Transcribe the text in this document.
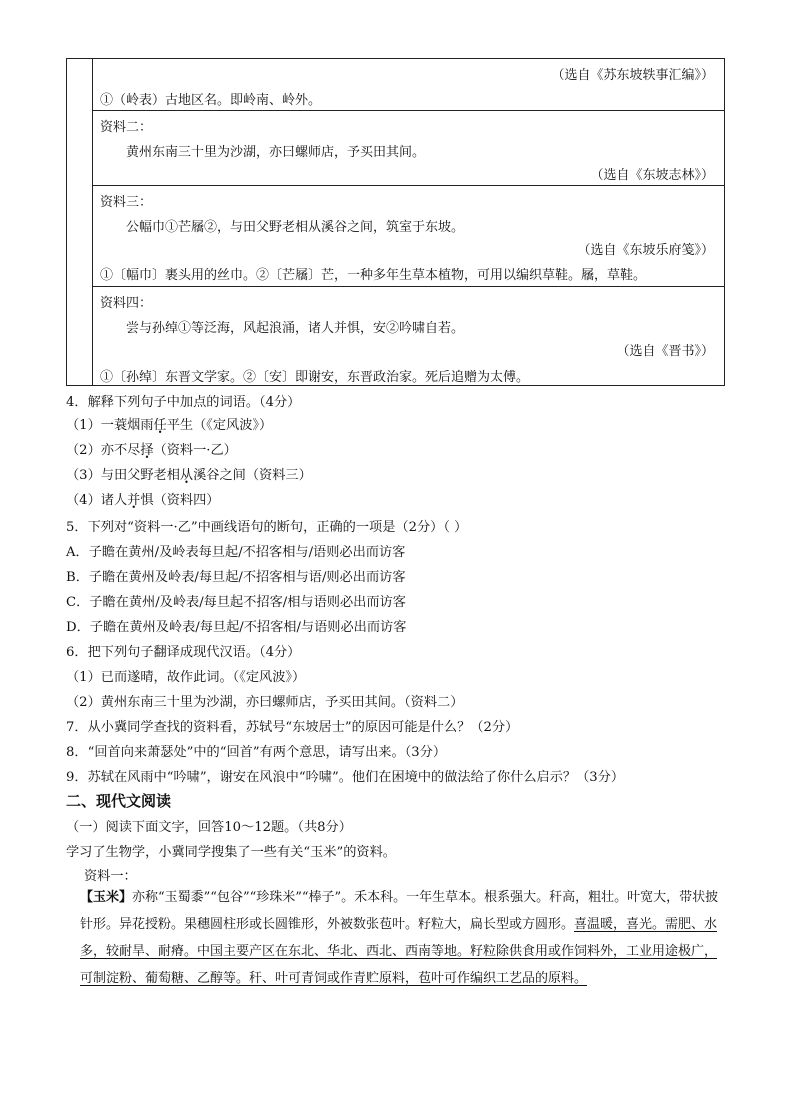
（选自《苏东坡轶事汇编》）
①（岭表）古地区名。即岭南、岭外。
资料二：
黄州东南三十里为沙湖，亦曰螺师店，予买田其间。
（选自《东坡志林》）
资料三：
公幅巾①芒屩②，与田父野老相从溪谷之间，筑室于东坡。
（选自《东坡乐府笺》）
①〔幅巾〕裹头用的丝巾。②〔芒屩〕芒，一种多年生草本植物，可用以编织草鞋。屩，草鞋。
资料四：
尝与孙绰①等泛海，风起浪涌，诸人并惧，安②吟啸自若。
（选自《晋书》）
①〔孙绰〕东晋文学家。②〔安〕即谢安，东晋政治家。死后追赠为太傅。
4．解释下列句子中加点的词语。（4分）
（1）一蓑烟雨任平生（《定风波》）
（2）亦不尽择（资料一·乙）
（3）与田父野老相从溪谷之间（资料三）
（4）诸人并惧（资料四）
5．下列对“资料一·乙”中画线语句的断句，正确的一项是（2分）（ ）
A．子瞻在黄州/及岭表每旦起/不招客相与/语则必出而访客
B．子瞻在黄州及岭表/每旦起/不招客相与语/则必出而访客
C．子瞻在黄州/及岭表/每旦起不招客/相与语则必出而访客
D．子瞻在黄州及岭表/每旦起/不招客相/与语则必出而访客
6．把下列句子翻译成现代汉语。（4分）
（1）已而遂晴，故作此词。（《定风波》）
（2）黄州东南三十里为沙湖，亦曰螺师店，予买田其间。（资料二）
7．从小冀同学查找的资料看，苏轼号“东坡居士”的原因可能是什么？（2分）
8．“回首向来萧瑟处”中的“回首”有两个意思，请写出来。（3分）
9．苏轼在风雨中“吟啸”，谢安在风浪中“吟啸”。他们在困境中的做法给了你什么启示？（3分）
二、现代文阅读
（一）阅读下面文字，回答10～12题。（共8分）
学习了生物学，小冀同学搜集了一些有关“玉米”的资料。
资料一：
【玉米】亦称“玉蜀黍”“包谷”“珍珠米”“棒子”。禾本科。一年生草本。根系强大。秆高，粗壮。叶宽大，带状披针形。异花授粉。果穗圆柱形或长圆锥形，外被数张苞叶。籽粒大，扁长型或方圆形。喜温暖，喜光。需肥、水多，较耐旱、耐瘠。中国主要产区在东北、华北、西北、西南等地。籽粒除供食用或作饲料外，工业用途极广，可制淀粉、葡萄糖、乙醇等。秆、叶可青饲或作青贮原料，苞叶可作编织工艺品的原料。
